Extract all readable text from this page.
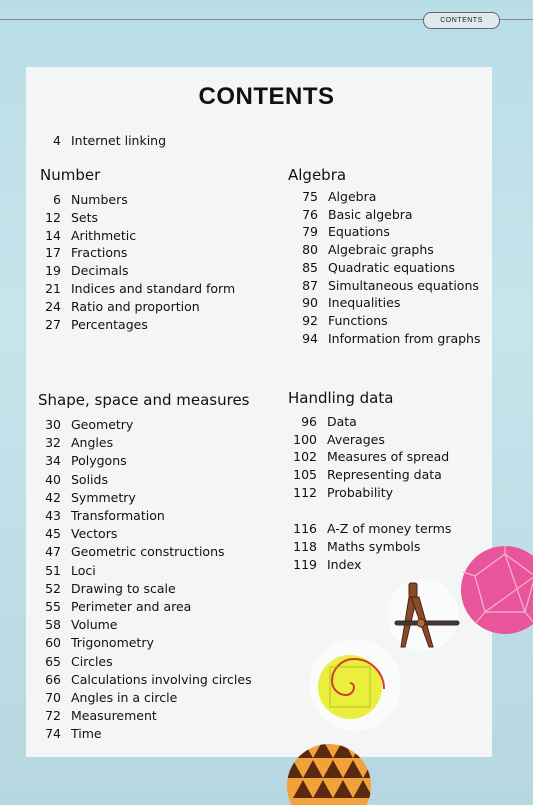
CONTENTS
CONTENTS
4 Internet linking
Number
6 Numbers
12 Sets
14 Arithmetic
17 Fractions
19 Decimals
21 Indices and standard form
24 Ratio and proportion
27 Percentages
Algebra
75 Algebra
76 Basic algebra
79 Equations
80 Algebraic graphs
85 Quadratic equations
87 Simultaneous equations
90 Inequalities
92 Functions
94 Information from graphs
Shape, space and measures
30 Geometry
32 Angles
34 Polygons
40 Solids
42 Symmetry
43 Transformation
45 Vectors
47 Geometric constructions
51 Loci
52 Drawing to scale
55 Perimeter and area
58 Volume
60 Trigonometry
65 Circles
66 Calculations involving circles
70 Angles in a circle
72 Measurement
74 Time
Handling data
96 Data
100 Averages
102 Measures of spread
105 Representing data
112 Probability
116 A-Z of money terms
118 Maths symbols
119 Index
